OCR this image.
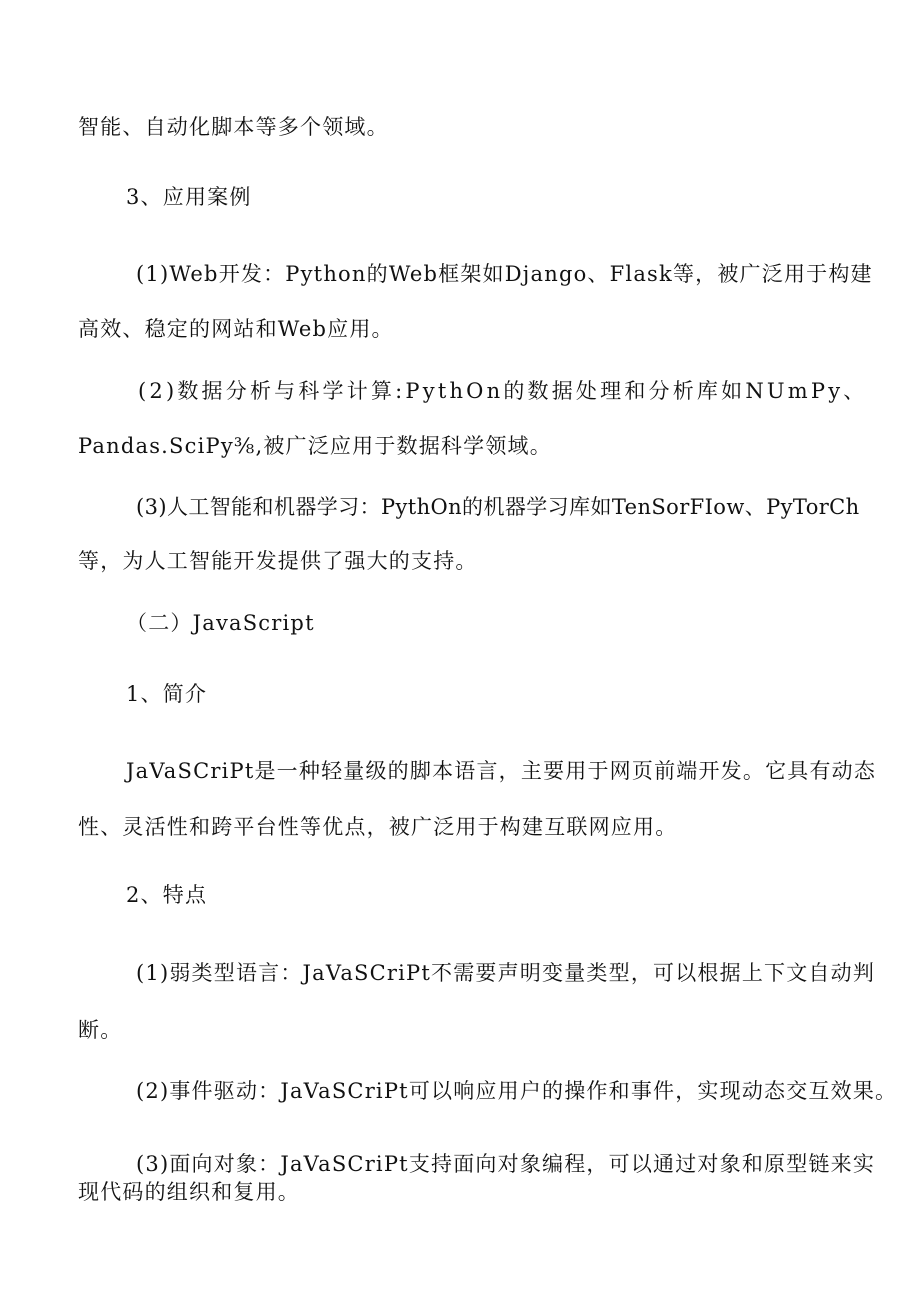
智能、自动化脚本等多个领域。
3、应用案例
(1)Web开发：Python的Web框架如Django、Flask等，被广泛用于构建
高效、稳定的网站和Web应用。
(2)数据分析与科学计算:PythOn的数据处理和分析库如NUmPy、
Pandas.SciPy⅜,被广泛应用于数据科学领域。
(3)人工智能和机器学习：PythOn的机器学习库如TenSorFIow、PyTorCh
等，为人工智能开发提供了强大的支持。
（二）JavaScript
1、简介
JaVaSCriPt是一种轻量级的脚本语言，主要用于网页前端开发。它具有动态
性、灵活性和跨平台性等优点，被广泛用于构建互联网应用。
2、特点
(1)弱类型语言：JaVaSCriPt不需要声明变量类型，可以根据上下文自动判
断。
(2)事件驱动：JaVaSCriPt可以响应用户的操作和事件，实现动态交互效果。
(3)面向对象：JaVaSCriPt支持面向对象编程，可以通过对象和原型链来实
现代码的组织和复用。
